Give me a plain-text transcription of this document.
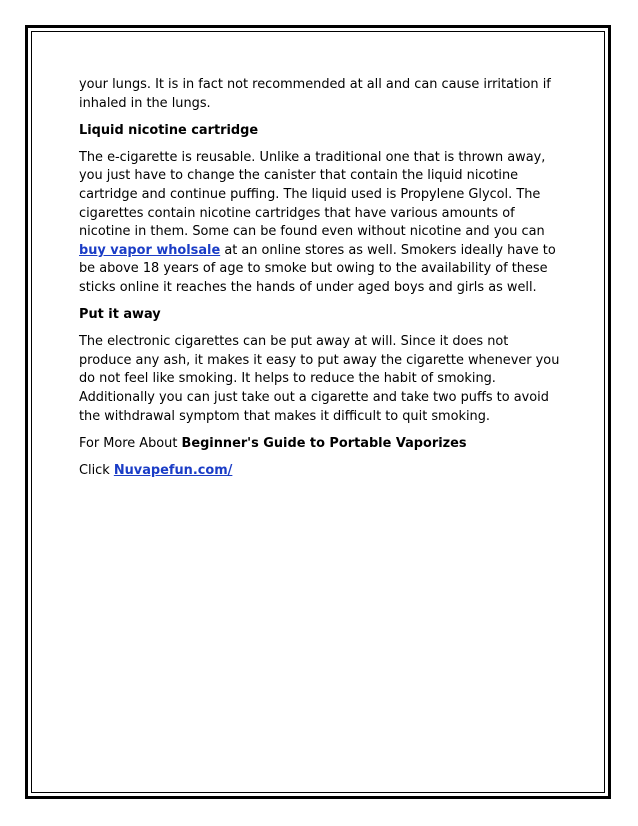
your lungs. It is in fact not recommended at all and can cause irritation if inhaled in the lungs.

Liquid nicotine cartridge

The e-cigarette is reusable. Unlike a traditional one that is thrown away, you just have to change the canister that contain the liquid nicotine cartridge and continue puffing. The liquid used is Propylene Glycol. The cigarettes contain nicotine cartridges that have various amounts of nicotine in them. Some can be found even without nicotine and you can buy vapor wholsale at an online stores as well. Smokers ideally have to be above 18 years of age to smoke but owing to the availability of these sticks online it reaches the hands of under aged boys and girls as well.

Put it away

The electronic cigarettes can be put away at will. Since it does not produce any ash, it makes it easy to put away the cigarette whenever you do not feel like smoking. It helps to reduce the habit of smoking. Additionally you can just take out a cigarette and take two puffs to avoid the withdrawal symptom that makes it difficult to quit smoking.

For More About Beginner's Guide to Portable Vaporizes

Click Nuvapefun.com/
